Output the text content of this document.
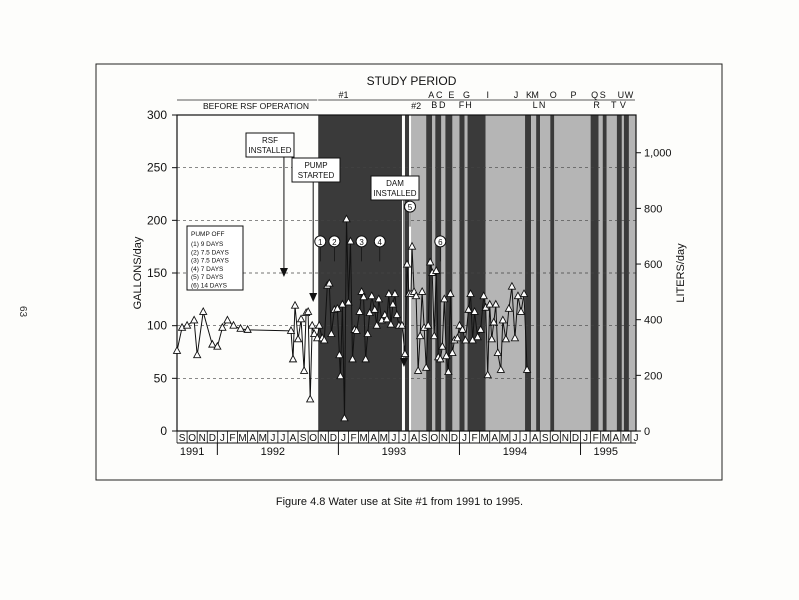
0
50
100
150
200
250
300
0
200
400
600
800
1,000
GALLONS/day	LITERS/day
STUDY PERIOD
BEFORE RSF OPERATION
#1
#2
A
B
C
D
E
F
G
H
I	J K M
L N
O P Q
R
S
T
U
V
W
S O N D J F M A M J J A S O N D J F M A M J J A S O N D J F M A M J J A S O N D J F M A M J
1991	1992	1993	1994	1995
RSF
INSTALLED
PUMP
STARTED
DAM
INSTALLED
PUMP OFF
(1) 9 DAYS
(2) 7.5 DAYS
(3) 7.5 DAYS
(4) 7 DAYS
(5) 7 DAYS
(6) 14 DAYS
1 2	3 4
5
6
Figure 4.8 Water use at Site #1 from 1991 to 1995.
63
